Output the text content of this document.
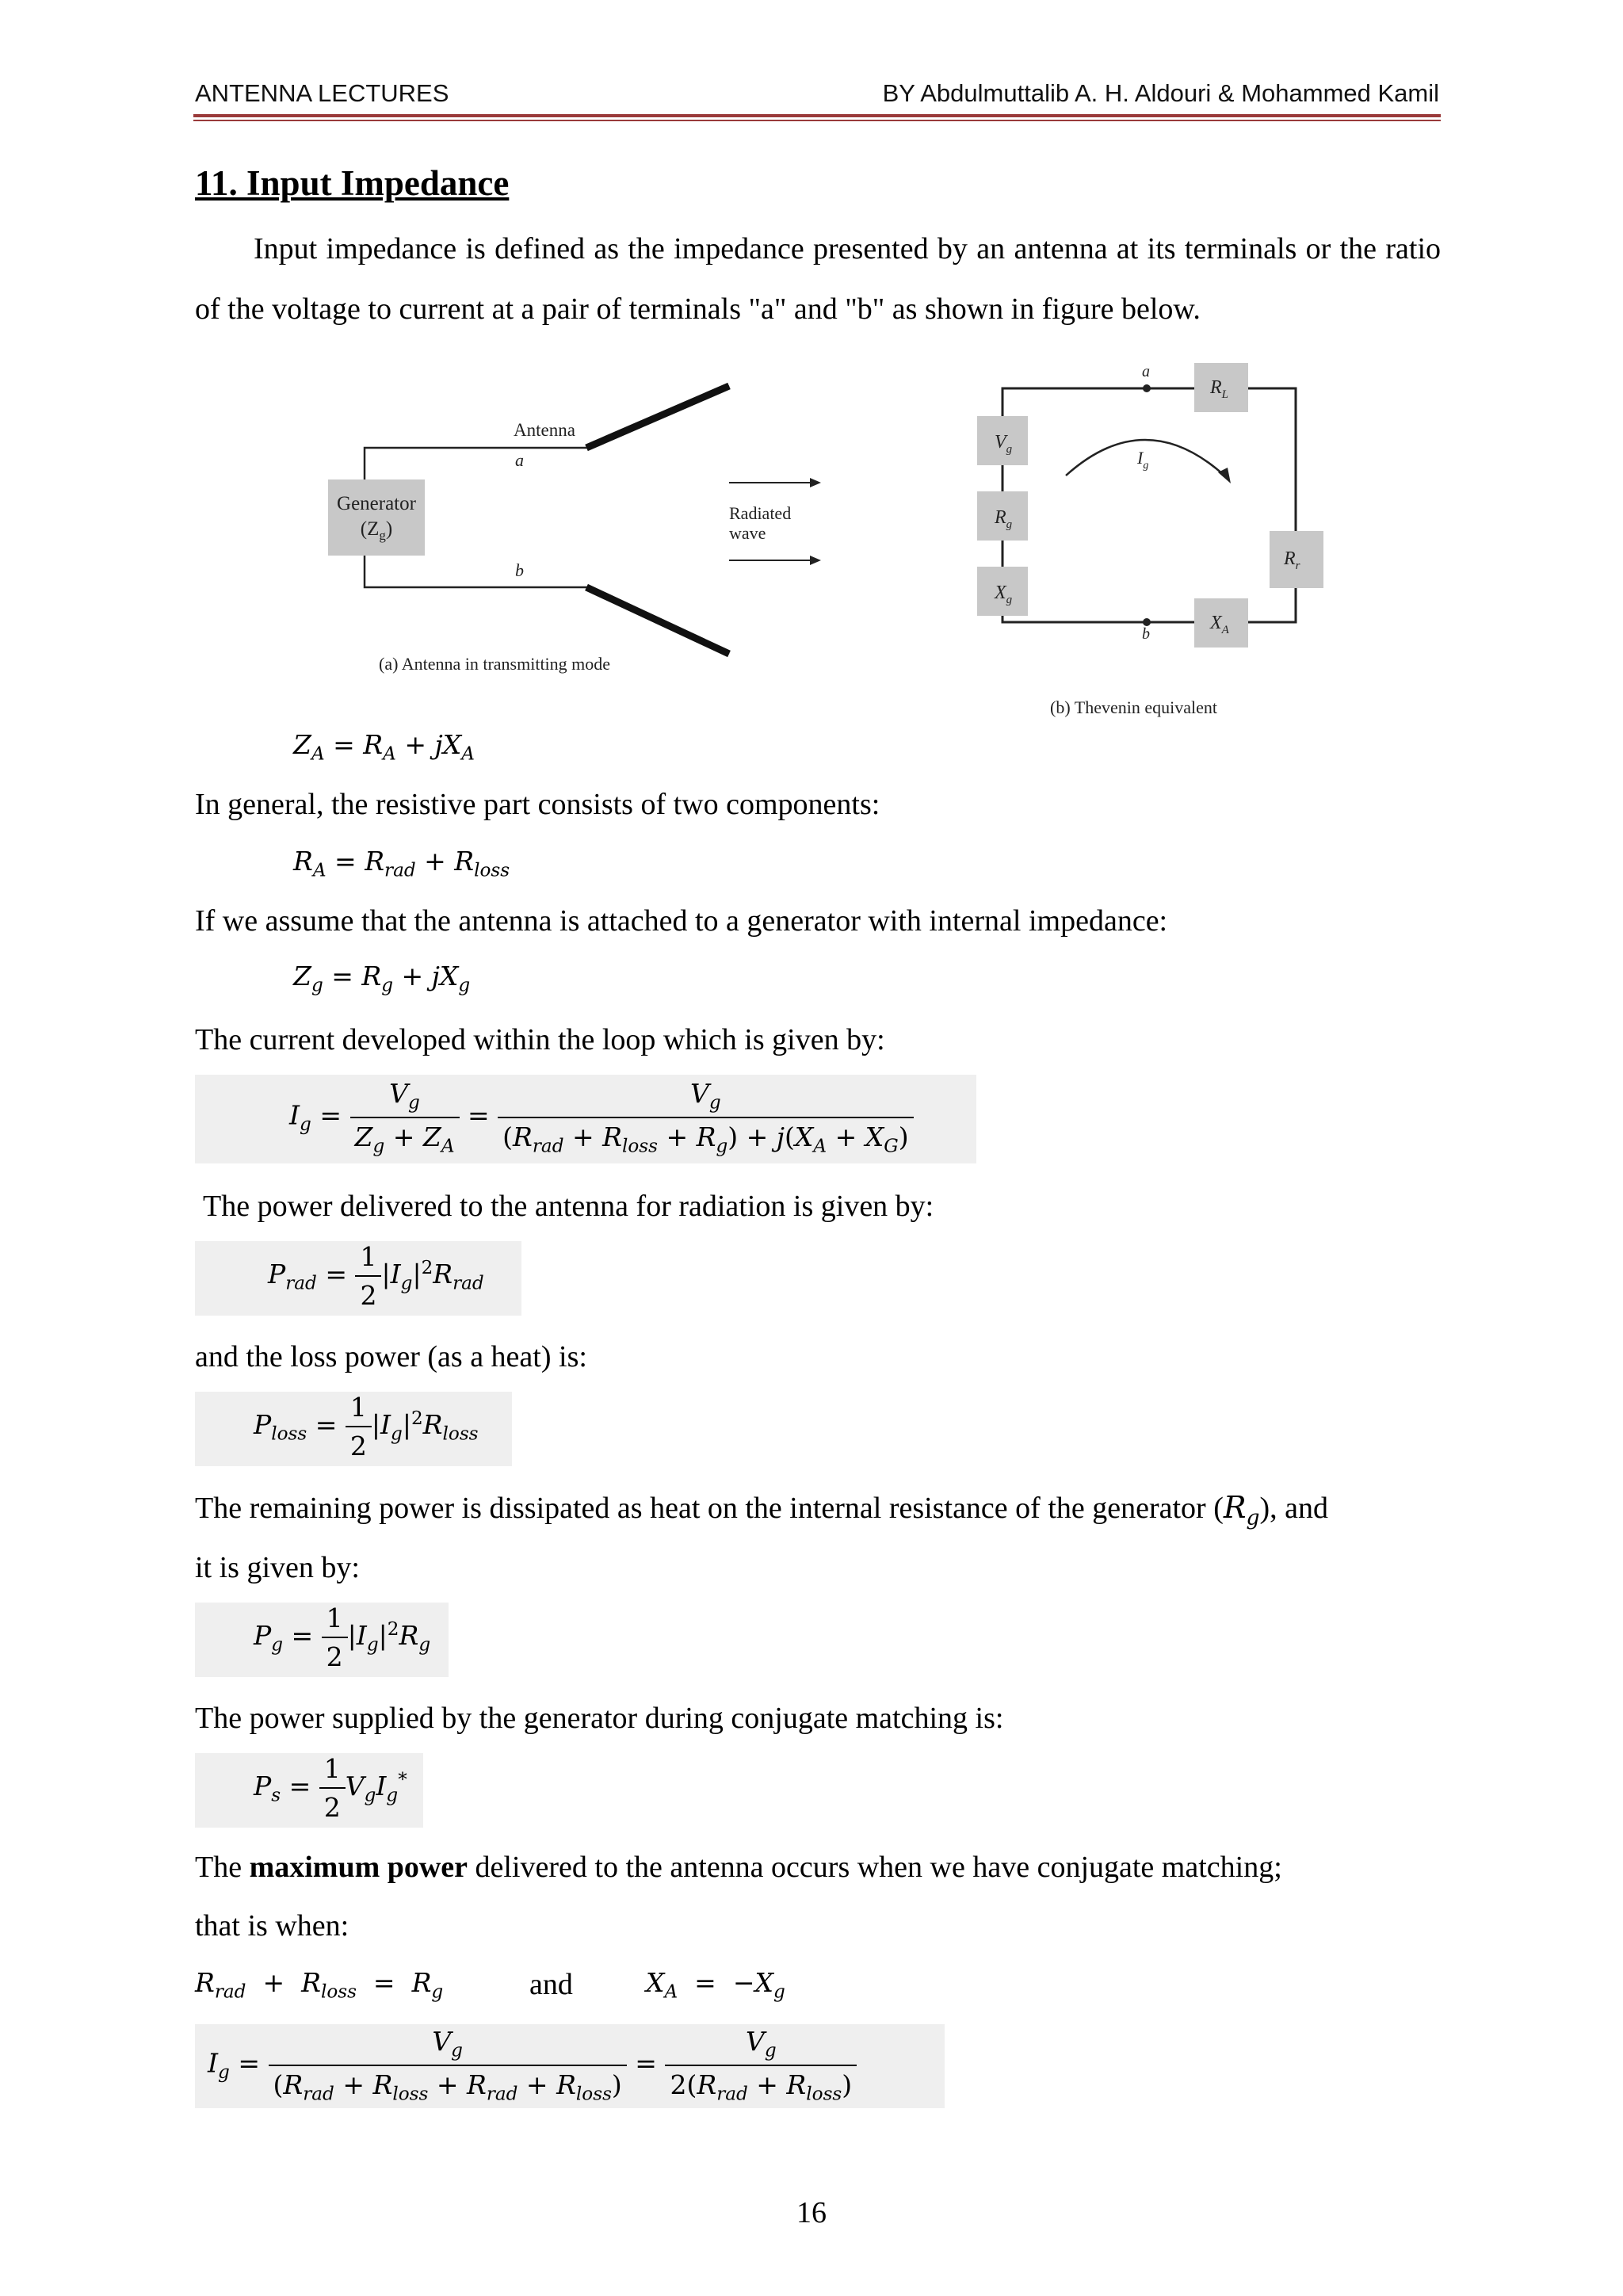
ANTENNA LECTURES	BY Abdulmuttalib A. H. Aldouri & Mohammed Kamil
11. Input Impedance
Input impedance is defined as the impedance presented by an antenna at its terminals or the ratio of the voltage to current at a pair of terminals "a" and "b" as shown in figure below.
Generator
$(Z_g)$
Antenna
a
b
Radiated
wave
(a) Antenna in transmitting mode
a
b
$V_g$
$R_g$
$X_g$
$R_L$
$R_r$
$X_A$
$I_g$
(b) Thevenin equivalent
$Z_A = R_A + jX_A$
In general, the resistive part consists of two components:
$R_A = R_{rad} + R_{loss}$
If we assume that the antenna is attached to a generator with internal impedance:
$Z_g = R_g + jX_g$
The current developed within the loop which is given by:
$I_g = \frac{V_g}{Z_g + Z_A} = \frac{V_g}{(R_{rad} + R_{loss} + R_g) + j(X_A + X_G)}$
The power delivered to the antenna for radiation is given by:
$P_{rad} = \frac{1}{2} |I_g|^2R_{rad}$
and the loss power (as a heat) is:
$P_{loss} = \frac{1}{2} |I_g|^2R_{loss}$
The remaining power is dissipated as heat on the internal resistance of the generator $(R_g)$, and
it is given by:
$P_g = \frac{1}{2} |I_g|^2R_g$
The power supplied by the generator during conjugate matching is:
$P_s = \frac{1}{2} V_gI_g^*$
The maximum power delivered to the antenna occurs when we have conjugate matching;
that is when:
$R_{rad} + R_{loss} = R_g$	and	$X_A = -X_g$
$I_g = \frac{V_g}{(R_{rad} + R_{loss} + R_{rad} + R_{loss})} = \frac{V_g}{2(R_{rad} + R_{loss})}$
16
